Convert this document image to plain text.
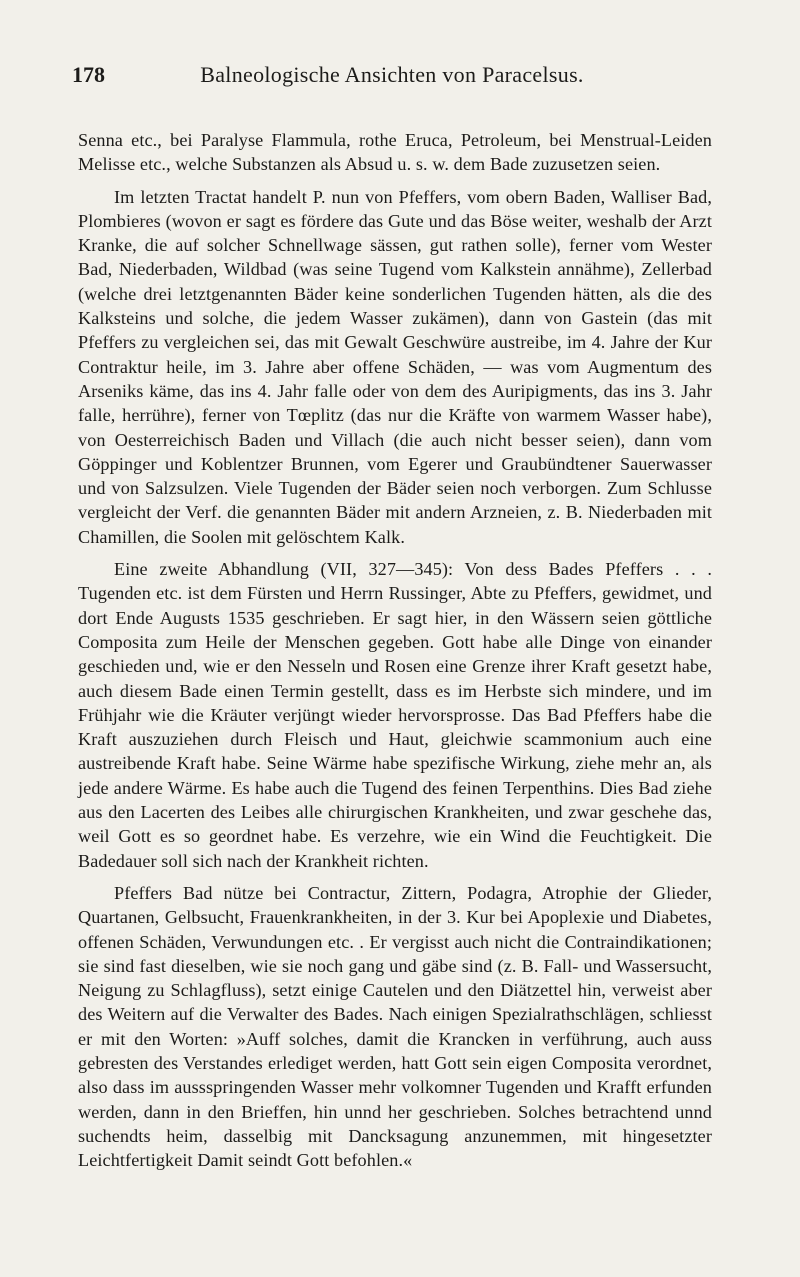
178	Balneologische Ansichten von Paracelsus.

Senna etc., bei Paralyse Flammula, rothe Eruca, Petroleum, bei Menstrual-Leiden Melisse etc., welche Substanzen als Absud u. s. w. dem Bade zuzusetzen seien.

Im letzten Tractat handelt P. nun von Pfeffers, vom obern Baden, Walliser Bad, Plombieres (wovon er sagt es fördere das Gute und das Böse weiter, weshalb der Arzt Kranke, die auf solcher Schnellwage sässen, gut rathen solle), ferner vom Wester Bad, Niederbaden, Wildbad (was seine Tugend vom Kalkstein annähme), Zellerbad (welche drei letztgenannten Bäder keine sonderlichen Tugenden hätten, als die des Kalksteins und solche, die jedem Wasser zukämen), dann von Gastein (das mit Pfeffers zu vergleichen sei, das mit Gewalt Geschwüre austreibe, im 4. Jahre der Kur Contraktur heile, im 3. Jahre aber offene Schäden, — was vom Augmentum des Arseniks käme, das ins 4. Jahr falle oder von dem des Auripigments, das ins 3. Jahr falle, herrühre), ferner von Tœplitz (das nur die Kräfte von warmem Wasser habe), von Oesterreichisch Baden und Villach (die auch nicht besser seien), dann vom Göppinger und Koblentzer Brunnen, vom Egerer und Graubündtener Sauerwasser und von Salzsulzen. Viele Tugenden der Bäder seien noch verborgen. Zum Schlusse vergleicht der Verf. die genannten Bäder mit andern Arzneien, z. B. Niederbaden mit Chamillen, die Soolen mit gelöschtem Kalk.

Eine zweite Abhandlung (VII, 327—345): Von dess Bades Pfeffers . . . Tugenden etc. ist dem Fürsten und Herrn Russinger, Abte zu Pfeffers, gewidmet, und dort Ende Augusts 1535 geschrieben. Er sagt hier, in den Wässern seien göttliche Composita zum Heile der Menschen gegeben. Gott habe alle Dinge von einander geschieden und, wie er den Nesseln und Rosen eine Grenze ihrer Kraft gesetzt habe, auch diesem Bade einen Termin gestellt, dass es im Herbste sich mindere, und im Frühjahr wie die Kräuter verjüngt wieder hervorsprosse. Das Bad Pfeffers habe die Kraft auszuziehen durch Fleisch und Haut, gleichwie scammonium auch eine austreibende Kraft habe. Seine Wärme habe spezifische Wirkung, ziehe mehr an, als jede andere Wärme. Es habe auch die Tugend des feinen Terpenthins. Dies Bad ziehe aus den Lacerten des Leibes alle chirurgischen Krankheiten, und zwar geschehe das, weil Gott es so geordnet habe. Es verzehre, wie ein Wind die Feuchtigkeit. Die Badedauer soll sich nach der Krankheit richten.

Pfeffers Bad nütze bei Contractur, Zittern, Podagra, Atrophie der Glieder, Quartanen, Gelbsucht, Frauenkrankheiten, in der 3. Kur bei Apoplexie und Diabetes, offenen Schäden, Verwundungen etc. . Er vergisst auch nicht die Contraindikationen; sie sind fast dieselben, wie sie noch gang und gäbe sind (z. B. Fall- und Wassersucht, Neigung zu Schlagfluss), setzt einige Cautelen und den Diätzettel hin, verweist aber des Weitern auf die Verwalter des Bades. Nach einigen Spezialrathschlägen, schliesst er mit den Worten: »Auff solches, damit die Krancken in verführung, auch auss gebresten des Verstandes erlediget werden, hatt Gott sein eigen Composita verordnet, also dass im aussspringenden Wasser mehr volkomner Tugenden und Krafft erfunden werden, dann in den Brieffen, hin unnd her geschrieben. Solches betrachtend unnd suchendts heim, dasselbig mit Dancksagung anzunemmen, mit hingesetzter Leichtfertigkeit Damit seindt Gott befohlen.«
